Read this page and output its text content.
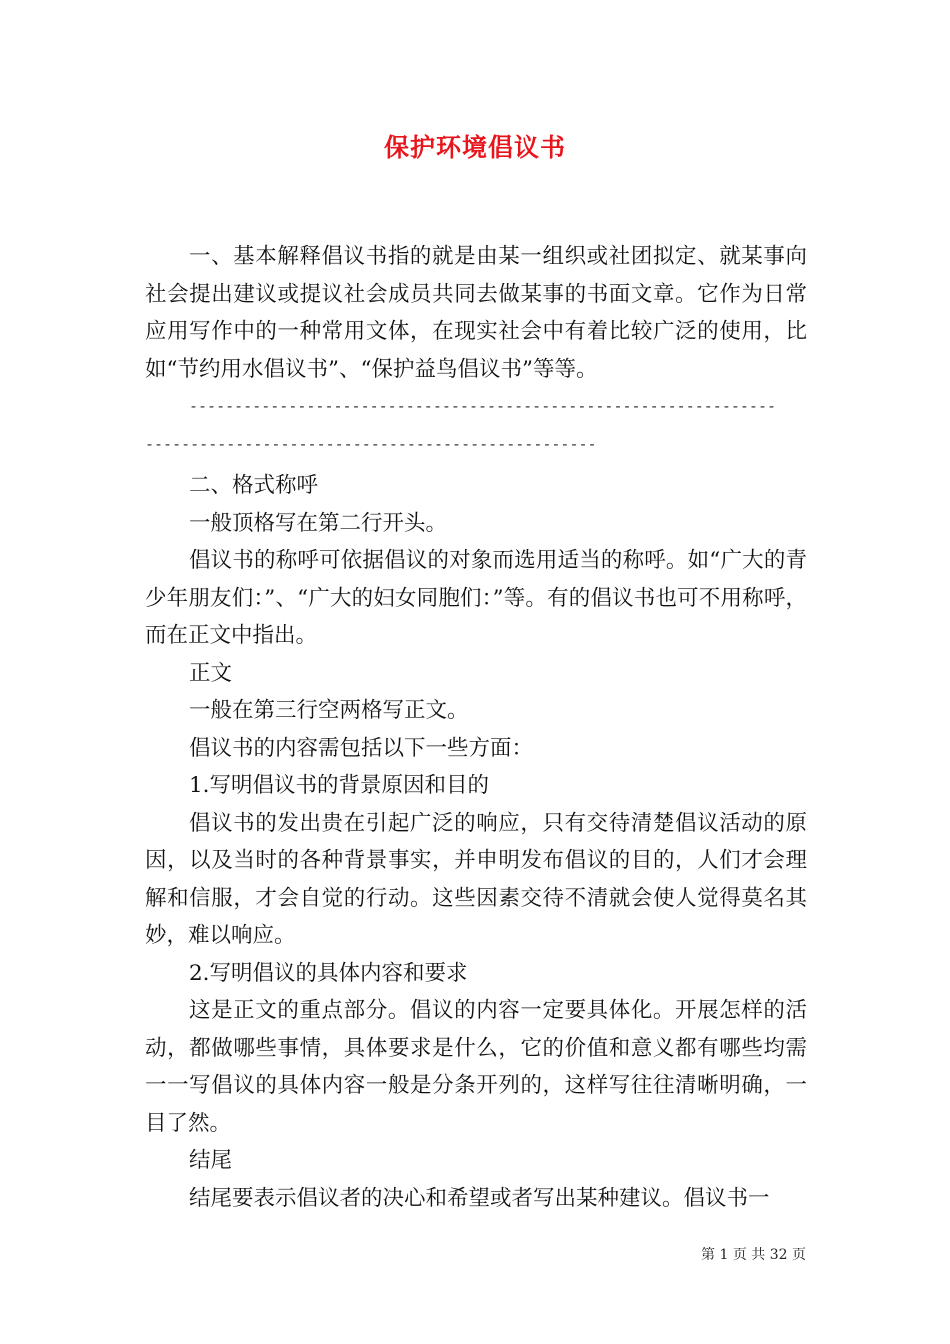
保护环境倡议书

一、基本解释倡议书指的就是由某一组织或社团拟定、就某事向社会提出建议或提议社会成员共同去做某事的书面文章。它作为日常应用写作中的一种常用文体，在现实社会中有着比较广泛的使用，比如“节约用水倡议书”、“保护益鸟倡议书”等等。

-----------------------------------------------------------------

--------------------------------------------------

二、格式称呼

一般顶格写在第二行开头。

倡议书的称呼可依据倡议的对象而选用适当的称呼。如“广大的青少年朋友们：”、“广大的妇女同胞们：”等。有的倡议书也可不用称呼，而在正文中指出。

正文

一般在第三行空两格写正文。

倡议书的内容需包括以下一些方面：

1.写明倡议书的背景原因和目的

倡议书的发出贵在引起广泛的响应，只有交待清楚倡议活动的原因，以及当时的各种背景事实，并申明发布倡议的目的，人们才会理解和信服，才会自觉的行动。这些因素交待不清就会使人觉得莫名其妙，难以响应。

2.写明倡议的具体内容和要求

这是正文的重点部分。倡议的内容一定要具体化。开展怎样的活动，都做哪些事情，具体要求是什么，它的价值和意义都有哪些均需一一写倡议的具体内容一般是分条开列的，这样写往往清晰明确，一目了然。

结尾

结尾要表示倡议者的决心和希望或者写出某种建议。倡议书一

第 1 页 共 32 页
